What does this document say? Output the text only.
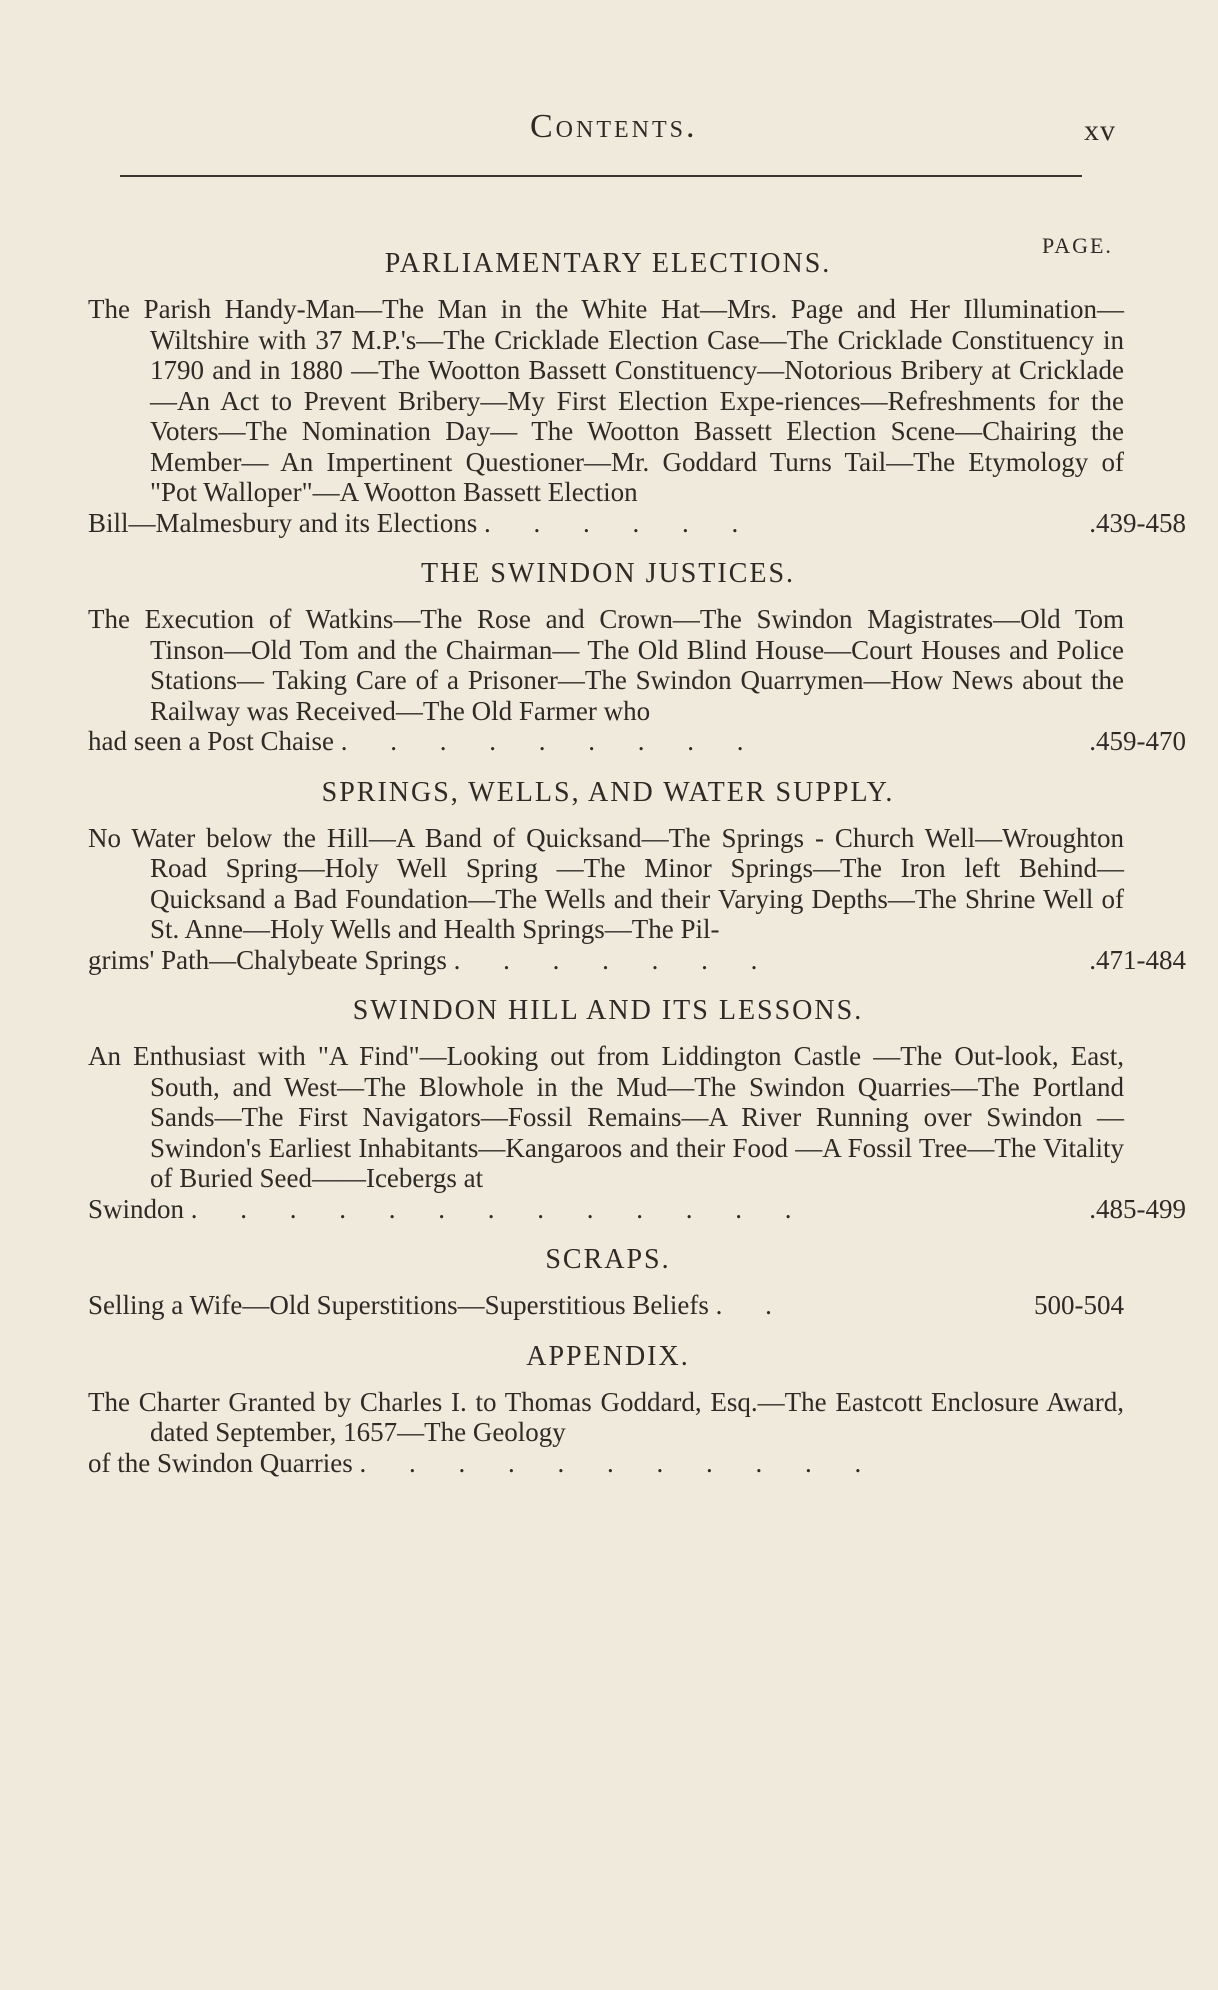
Contents.	xv
PAGE.
PARLIAMENTARY ELECTIONS.
The Parish Handy-Man—The Man in the White Hat—Mrs. Page and Her Illumination—Wiltshire with 37 M.P.'s—The Cricklade Election Case—The Cricklade Constituency in 1790 and in 1880 —The Wootton Bassett Constituency—Notorious Bribery at Cricklade—An Act to Prevent Bribery—My First Election Expe-riences—Refreshments for the Voters—The Nomination Day— The Wootton Bassett Election Scene—Chairing the Member— An Impertinent Questioner—Mr. Goddard Turns Tail—The Etymology of "Pot Walloper"—A Wootton Bassett Election
Bill—Malmesbury and its Elections . . . . . .	.439-458
THE SWINDON JUSTICES.
The Execution of Watkins—The Rose and Crown—The Swindon Magistrates—Old Tom Tinson—Old Tom and the Chairman— The Old Blind House—Court Houses and Police Stations— Taking Care of a Prisoner—The Swindon Quarrymen—How News about the Railway was Received—The Old Farmer who
had seen a Post Chaise . . . . . . . . .	.459-470
SPRINGS, WELLS, AND WATER SUPPLY.
No Water below the Hill—A Band of Quicksand—The Springs - Church Well—Wroughton Road Spring—Holy Well Spring —The Minor Springs—The Iron left Behind—Quicksand a Bad Foundation—The Wells and their Varying Depths—The Shrine Well of St. Anne—Holy Wells and Health Springs—The Pil-
grims' Path—Chalybeate Springs . . . . . . .	.471-484
SWINDON HILL AND ITS LESSONS.
An Enthusiast with "A Find"—Looking out from Liddington Castle —The Out-look, East, South, and West—The Blowhole in the Mud—The Swindon Quarries—The Portland Sands—The First Navigators—Fossil Remains—A River Running over Swindon —Swindon's Earliest Inhabitants—Kangaroos and their Food —A Fossil Tree—The Vitality of Buried Seed——Icebergs at
Swindon . . . . . . . . . . . . .	.485-499
SCRAPS.
Selling a Wife—Old Superstitions—Superstitious Beliefs . .	500-504
APPENDIX.
The Charter Granted by Charles I. to Thomas Goddard, Esq.—The Eastcott Enclosure Award, dated September, 1657—The Geology
of the Swindon Quarries . . . . . . . . . . .
